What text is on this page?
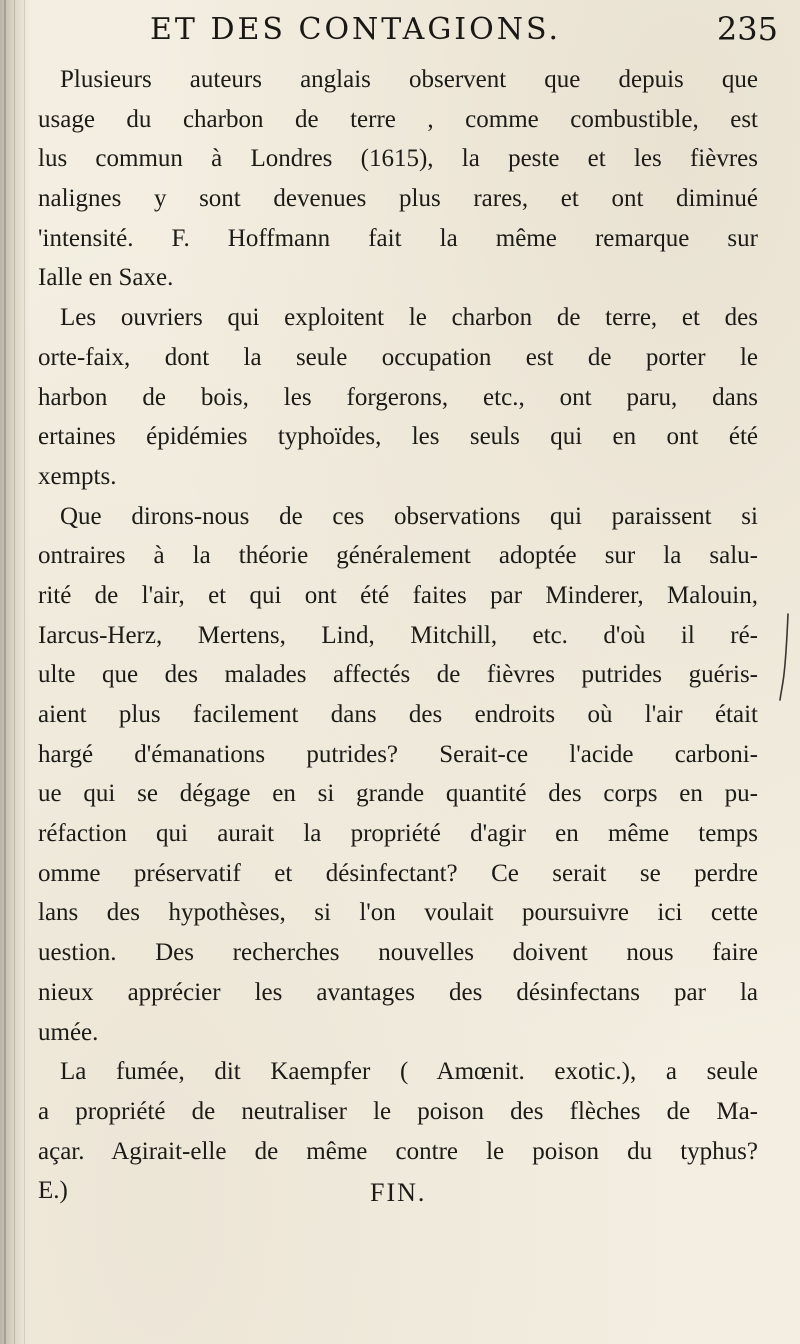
ET DES CONTAGIONS.	235
Plusieurs auteurs anglais observent que depuis que
usage du charbon de terre , comme combustible, est
lus commun à Londres (1615), la peste et les fièvres
nalignes y sont devenues plus rares, et ont diminué
'intensité. F. Hoffmann fait la même remarque sur
Ialle en Saxe.
Les ouvriers qui exploitent le charbon de terre, et des
orte-faix, dont la seule occupation est de porter le
harbon de bois, les forgerons, etc., ont paru, dans
ertaines épidémies typhoïdes, les seuls qui en ont été
xempts.
Que dirons-nous de ces observations qui paraissent si
ontraires à la théorie généralement adoptée sur la salu-
rité de l'air, et qui ont été faites par Minderer, Malouin,
Iarcus-Herz, Mertens, Lind, Mitchill, etc. d'où il ré-
ulte que des malades affectés de fièvres putrides guéris-
aient plus facilement dans des endroits où l'air était
hargé d'émanations putrides? Serait-ce l'acide carboni-
ue qui se dégage en si grande quantité des corps en pu-
réfaction qui aurait la propriété d'agir en même temps
omme préservatif et désinfectant? Ce serait se perdre
lans des hypothèses, si l'on voulait poursuivre ici cette
uestion. Des recherches nouvelles doivent nous faire
nieux apprécier les avantages des désinfectans par la
umée.
La fumée, dit Kaempfer ( Amœnit. exotic.), a seule
a propriété de neutraliser le poison des flèches de Ma-
açar. Agirait-elle de même contre le poison du typhus?
E.)	FIN.
